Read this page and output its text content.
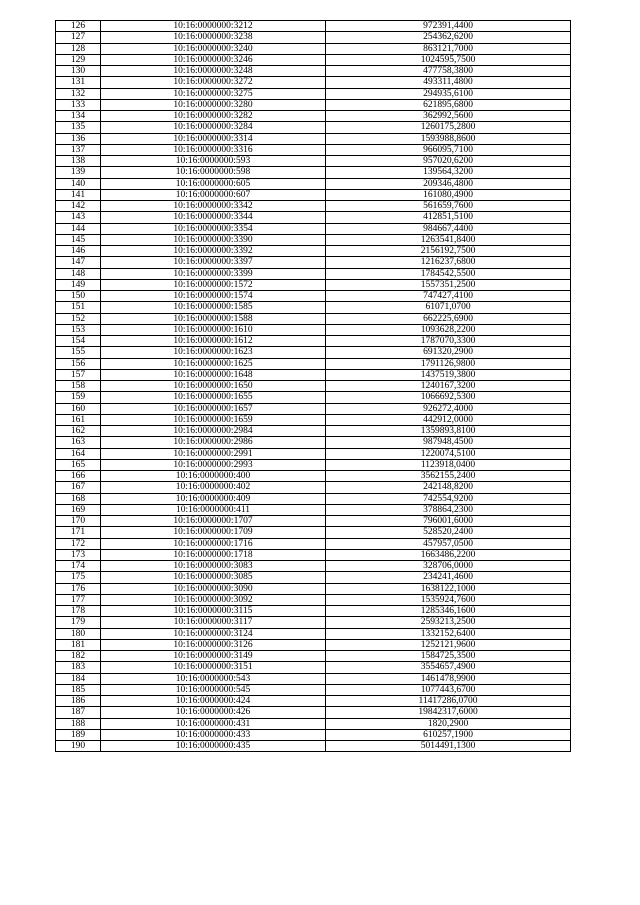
126	10:16:0000000:3212	972391,4400
127	10:16:0000000:3238	254362,6200
128	10:16:0000000:3240	863121,7000
129	10:16:0000000:3246	1024595,7500
130	10:16:0000000:3248	477758,3800
131	10:16:0000000:3272	493311,4800
132	10:16:0000000:3275	294935,6100
133	10:16:0000000:3280	621895,6800
134	10:16:0000000:3282	362992,5600
135	10:16:0000000:3284	1260175,2800
136	10:16:0000000:3314	1593988,8600
137	10:16:0000000:3316	966095,7100
138	10:16:0000000:593	957020,6200
139	10:16:0000000:598	139564,3200
140	10:16:0000000:605	209346,4800
141	10:16:0000000:607	161080,4900
142	10:16:0000000:3342	561659,7600
143	10:16:0000000:3344	412851,5100
144	10:16:0000000:3354	984667,4400
145	10:16:0000000:3390	1263541,8400
146	10:16:0000000:3392	2156192,7500
147	10:16:0000000:3397	1216237,6800
148	10:16:0000000:3399	1784542,5500
149	10:16:0000000:1572	1557351,2500
150	10:16:0000000:1574	747427,4100
151	10:16:0000000:1585	61071,0700
152	10:16:0000000:1588	662225,6900
153	10:16:0000000:1610	1093628,2200
154	10:16:0000000:1612	1787070,3300
155	10:16:0000000:1623	691320,2900
156	10:16:0000000:1625	1791126,9800
157	10:16:0000000:1648	1437519,3800
158	10:16:0000000:1650	1240167,3200
159	10:16:0000000:1655	1066692,5300
160	10:16:0000000:1657	926272,4000
161	10:16:0000000:1659	442912,0000
162	10:16:0000000:2984	1359893,8100
163	10:16:0000000:2986	987948,4500
164	10:16:0000000:2991	1220074,5100
165	10:16:0000000:2993	1123918,0400
166	10:16:0000000:400	3562155,2400
167	10:16:0000000:402	242148,8200
168	10:16:0000000:409	742554,9200
169	10:16:0000000:411	378864,2300
170	10:16:0000000:1707	796001,6000
171	10:16:0000000:1709	528520,2400
172	10:16:0000000:1716	457957,0500
173	10:16:0000000:1718	1663486,2200
174	10:16:0000000:3083	328706,0000
175	10:16:0000000:3085	234241,4600
176	10:16:0000000:3090	1638122,1000
177	10:16:0000000:3092	1535924,7600
178	10:16:0000000:3115	1285346,1600
179	10:16:0000000:3117	2593213,2500
180	10:16:0000000:3124	1332152,6400
181	10:16:0000000:3126	1252121,9600
182	10:16:0000000:3149	1584725,3500
183	10:16:0000000:3151	3554657,4900
184	10:16:0000000:543	1461478,9900
185	10:16:0000000:545	1077443,6700
186	10:16:0000000:424	11417286,0700
187	10:16:0000000:426	19842317,6000
188	10:16:0000000:431	1820,2900
189	10:16:0000000:433	610257,1900
190	10:16:0000000:435	5014491,1300
